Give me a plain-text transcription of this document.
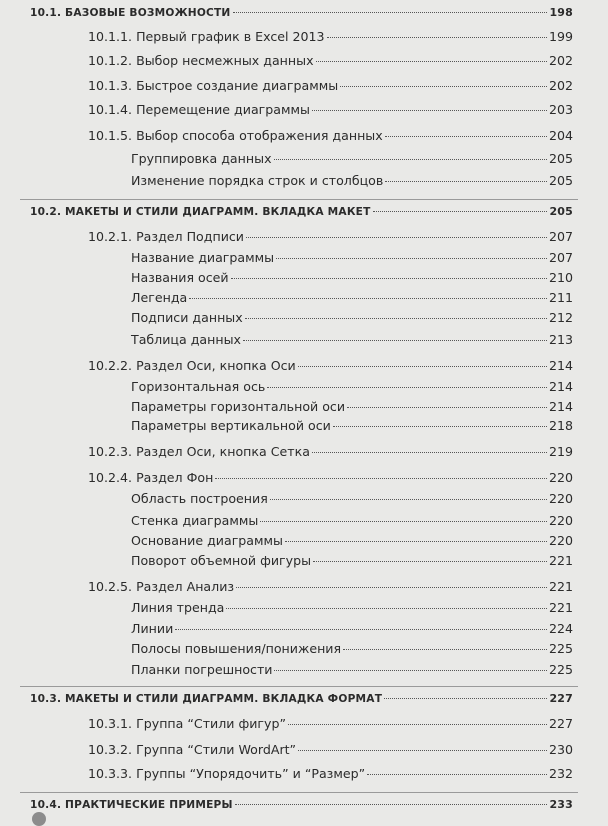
10.1. БАЗОВЫЕ ВОЗМОЖНОСТИ	198
10.1.1. Первый график в Excel 2013	199
10.1.2. Выбор несмежных данных	202
10.1.3. Быстрое создание диаграммы	202
10.1.4. Перемещение диаграммы	203
10.1.5. Выбор способа отображения данных	204
Группировка данных	205
Изменение порядка строк и столбцов	205
10.2. МАКЕТЫ И СТИЛИ ДИАГРАММ. ВКЛАДКА МАКЕТ	205
10.2.1. Раздел Подписи	207
Название диаграммы	207
Названия осей	210
Легенда	211
Подписи данных	212
Таблица данных	213
10.2.2. Раздел Оси, кнопка Оси	214
Горизонтальная ось	214
Параметры горизонтальной оси	214
Параметры вертикальной оси	218
10.2.3. Раздел Оси, кнопка Сетка	219
10.2.4. Раздел Фон	220
Область построения	220
Стенка диаграммы	220
Основание диаграммы	220
Поворот объемной фигуры	221
10.2.5. Раздел Анализ	221
Линия тренда	221
Линии	224
Полосы повышения/понижения	225
Планки погрешности	225
10.3. МАКЕТЫ И СТИЛИ ДИАГРАММ. ВКЛАДКА ФОРМАТ	227
10.3.1. Группа “Стили фигур”	227
10.3.2. Группа “Стили WordArt”	230
10.3.3. Группы “Упорядочить” и “Размер”	232
10.4. ПРАКТИЧЕСКИЕ ПРИМЕРЫ	233
